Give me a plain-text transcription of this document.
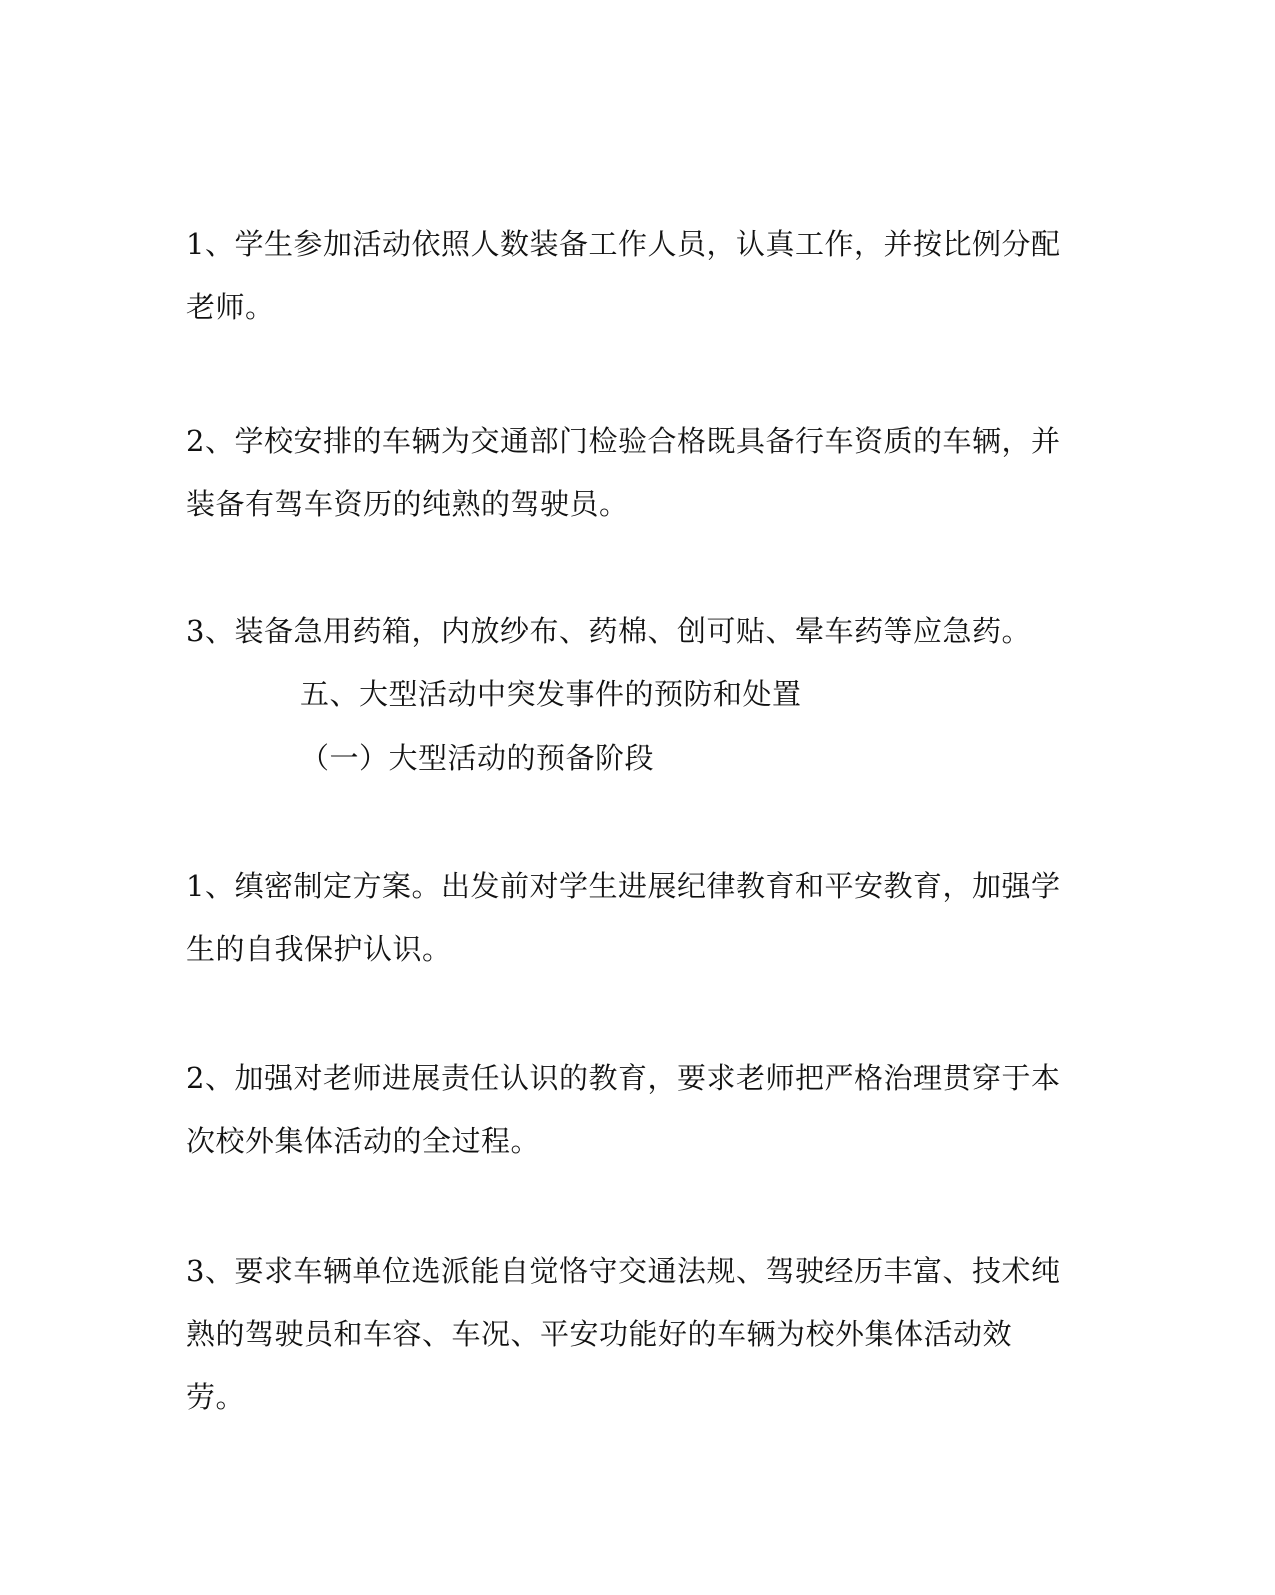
1、学生参加活动依照人数装备工作人员，认真工作，并按比例分配老师。

2、学校安排的车辆为交通部门检验合格既具备行车资质的车辆，并装备有驾车资历的纯熟的驾驶员。

3、装备急用药箱，内放纱布、药棉、创可贴、晕车药等应急药。

五、大型活动中突发事件的预防和处置

（一）大型活动的预备阶段

1、缜密制定方案。出发前对学生进展纪律教育和平安教育，加强学生的自我保护认识。

2、加强对老师进展责任认识的教育，要求老师把严格治理贯穿于本次校外集体活动的全过程。

3、要求车辆单位选派能自觉恪守交通法规、驾驶经历丰富、技术纯熟的驾驶员和车容、车况、平安功能好的车辆为校外集体活动效劳。
